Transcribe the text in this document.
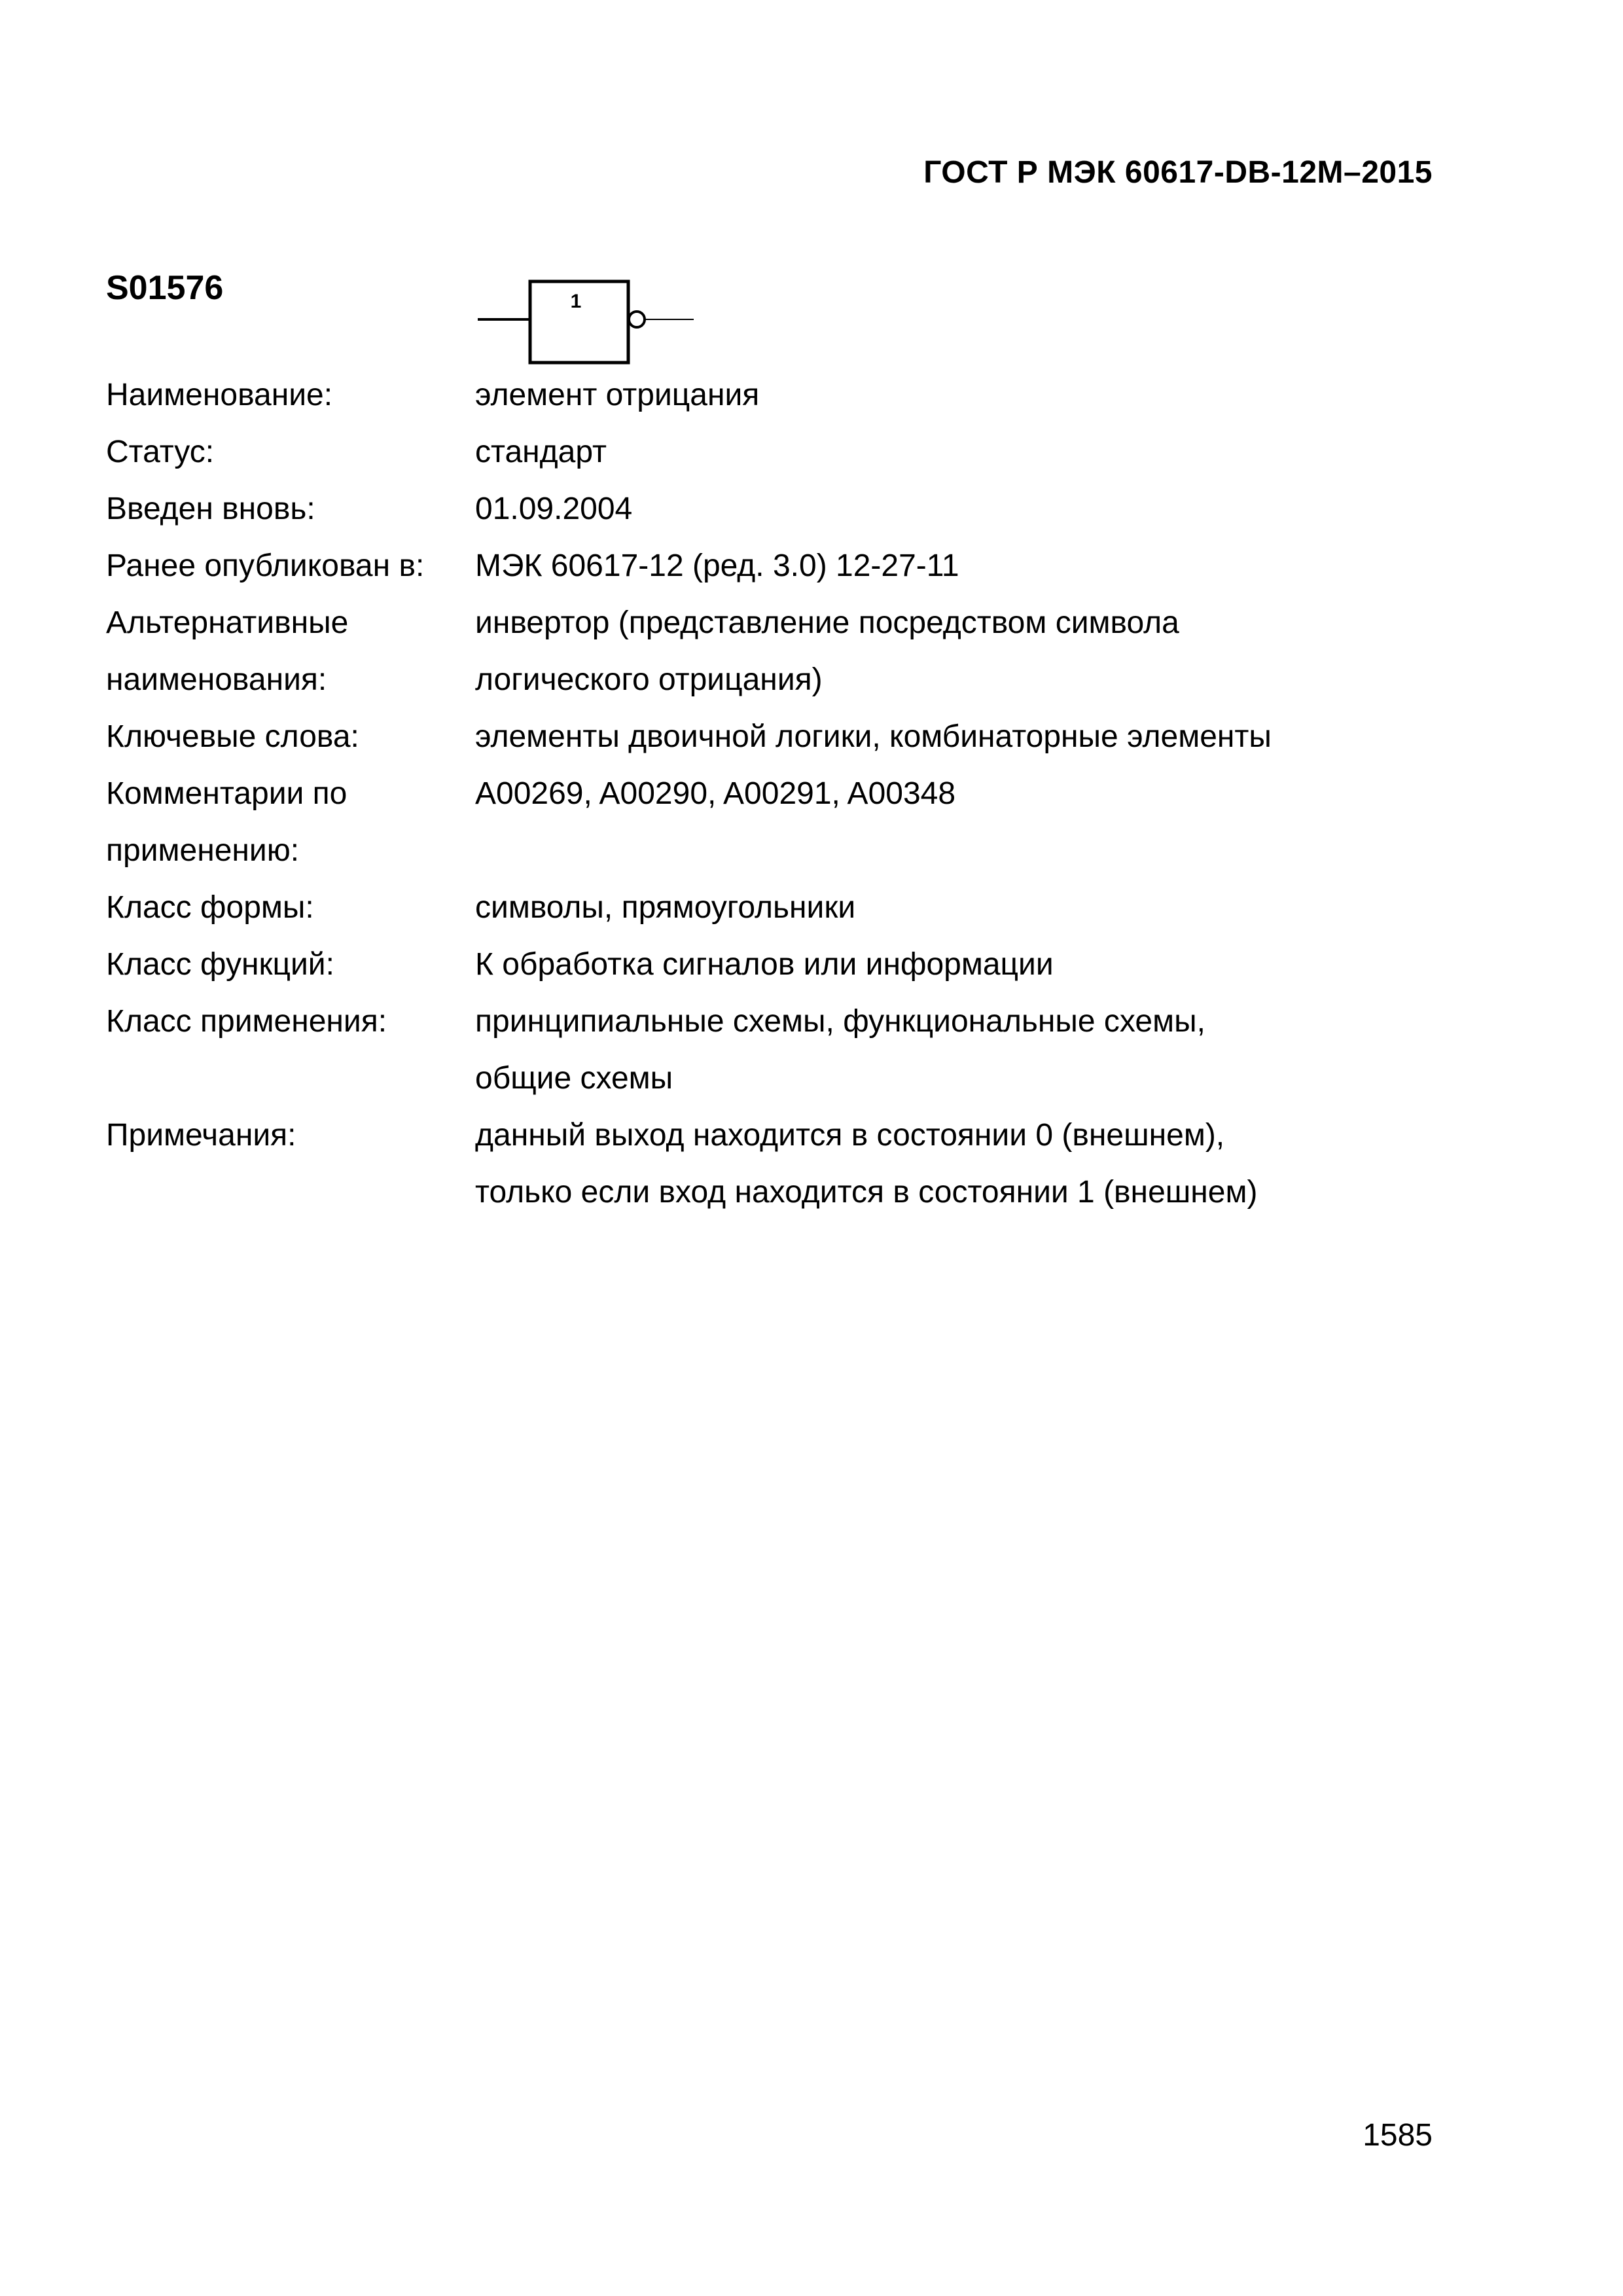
ГОСТ Р МЭК 60617-DB-12M–2015
S01576	1
Наименование:	элемент отрицания
Статус:	стандарт
Введен вновь:	01.09.2004
Ранее опубликован в:	МЭК 60617-12 (ред. 3.0) 12-27-11
Альтернативные
наименования:
инвертор (представление посредством символа
логического отрицания)
Ключевые слова:	элементы двоичной логики, комбинаторные элементы
Комментарии по
применению:
A00269, A00290, A00291, A00348
Класс формы:	символы, прямоугольники
Класс функций:	К обработка сигналов или информации
Класс применения:	принципиальные схемы, функциональные схемы,
общие схемы
Примечания:	данный выход находится в состоянии 0 (внешнем),
только если вход находится в состоянии 1 (внешнем)
1585
